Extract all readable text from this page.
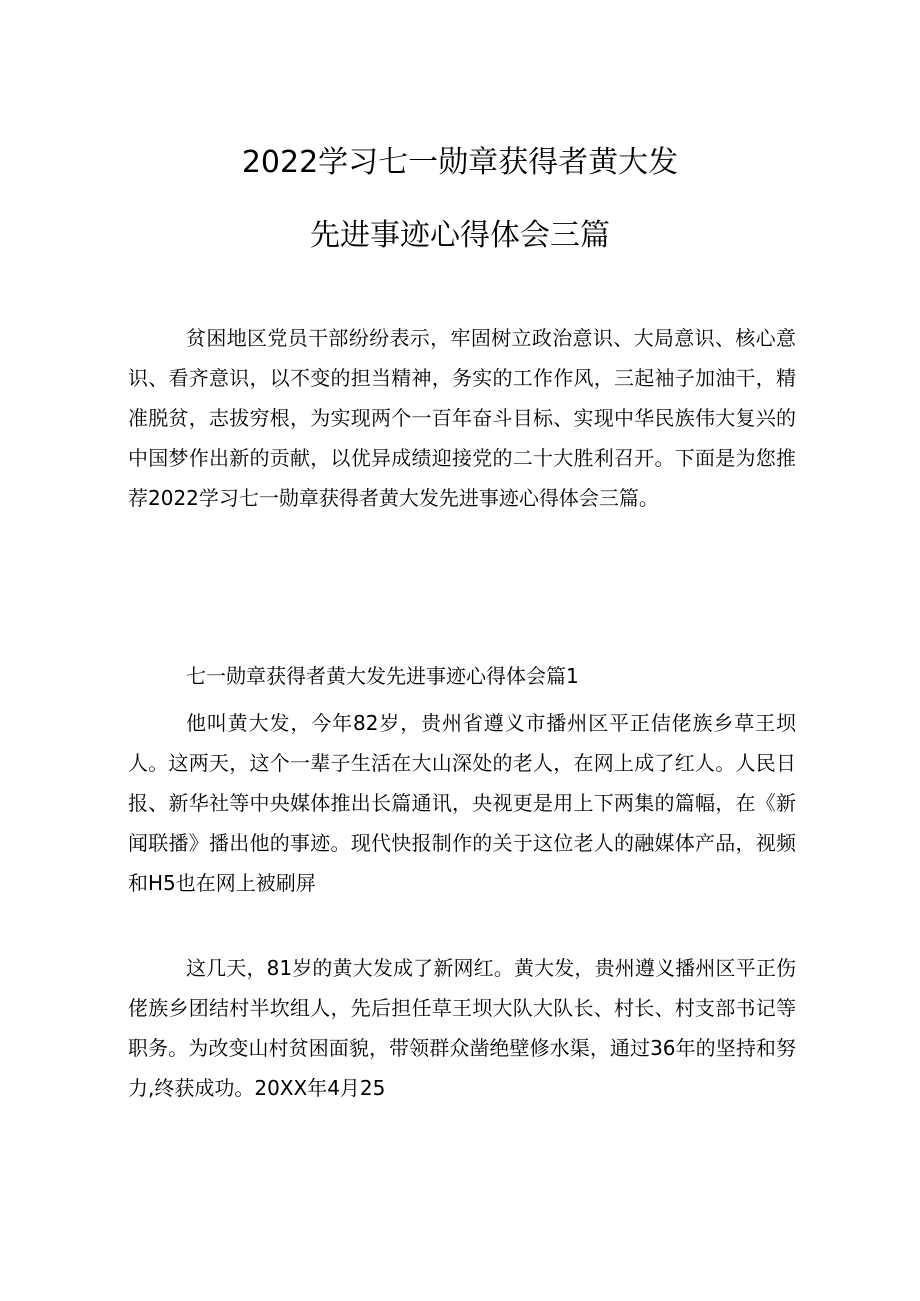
2022学习七一勋章获得者黄大发
先进事迹心得体会三篇

贫困地区党员干部纷纷表示，牢固树立政治意识、大局意识、核心意识、看齐意识，以不变的担当精神，务实的工作作风，三起袖子加油干，精准脱贫，志拔穷根，为实现两个一百年奋斗目标、实现中华民族伟大复兴的中国梦作出新的贡献，以优异成绩迎接党的二十大胜利召开。下面是为您推荐2022学习七一勋章获得者黄大发先进事迹心得体会三篇。

七一勋章获得者黄大发先进事迹心得体会篇1

他叫黄大发，今年82岁，贵州省遵义市播州区平正佶佬族乡草王坝人。这两天，这个一辈子生活在大山深处的老人，在网上成了红人。人民日报、新华社等中央媒体推出长篇通讯，央视更是用上下两集的篇幅，在《新闻联播》播出他的事迹。现代快报制作的关于这位老人的融媒体产品，视频和H5也在网上被刷屏

这几天，81岁的黄大发成了新网红。黄大发，贵州遵义播州区平正伤佬族乡团结村半坎组人，先后担任草王坝大队大队长、村长、村支部书记等职务。为改变山村贫困面貌，带领群众凿绝壁修水渠，通过36年的坚持和努力,终获成功。20XX年4月25
